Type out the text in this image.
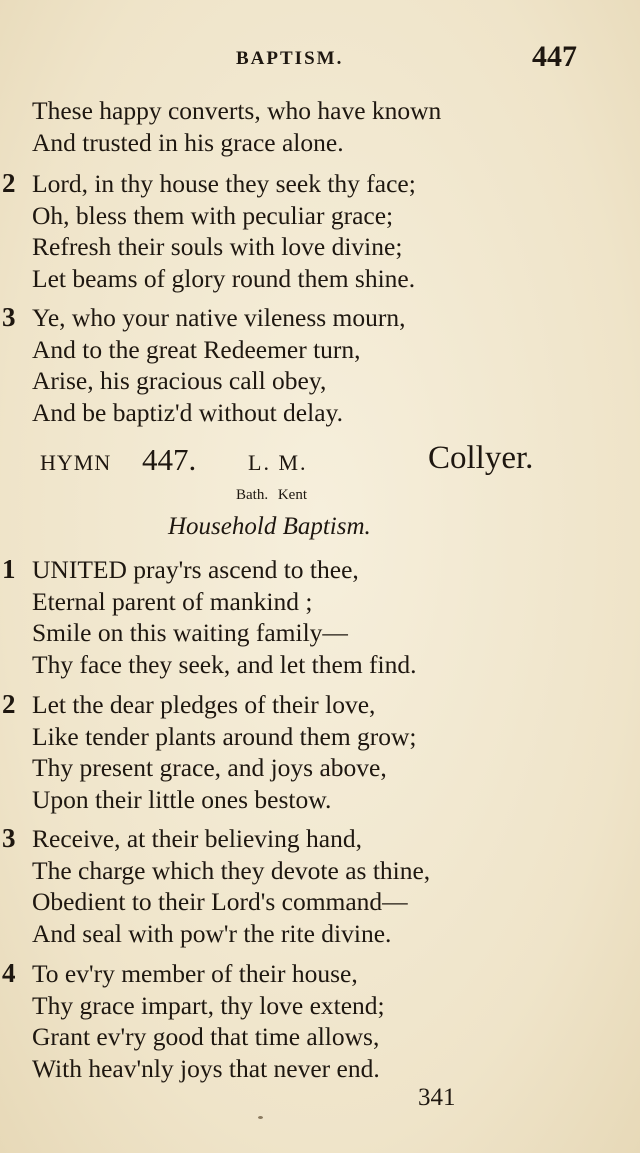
BAPTISM.	447
These happy converts, who have known
And trusted in his grace alone.
2 Lord, in thy house they seek thy face;
Oh, bless them with peculiar grace;
Refresh their souls with love divine;
Let beams of glory round them shine.
3 Ye, who your native vileness mourn,
And to the great Redeemer turn,
Arise, his gracious call obey,
And be baptiz'd without delay.
HYMN 447. L. M.	Collyer.
Bath. Kent
Household Baptism.
1 UNITED pray'rs ascend to thee,
Eternal parent of mankind ;
Smile on this waiting family—
Thy face they seek, and let them find.
2 Let the dear pledges of their love,
Like tender plants around them grow;
Thy present grace, and joys above,
Upon their little ones bestow.
3 Receive, at their believing hand,
The charge which they devote as thine,
Obedient to their Lord's command—
And seal with pow'r the rite divine.
4 To ev'ry member of their house,
Thy grace impart, thy love extend;
Grant ev'ry good that time allows,
With heav'nly joys that never end.
341
